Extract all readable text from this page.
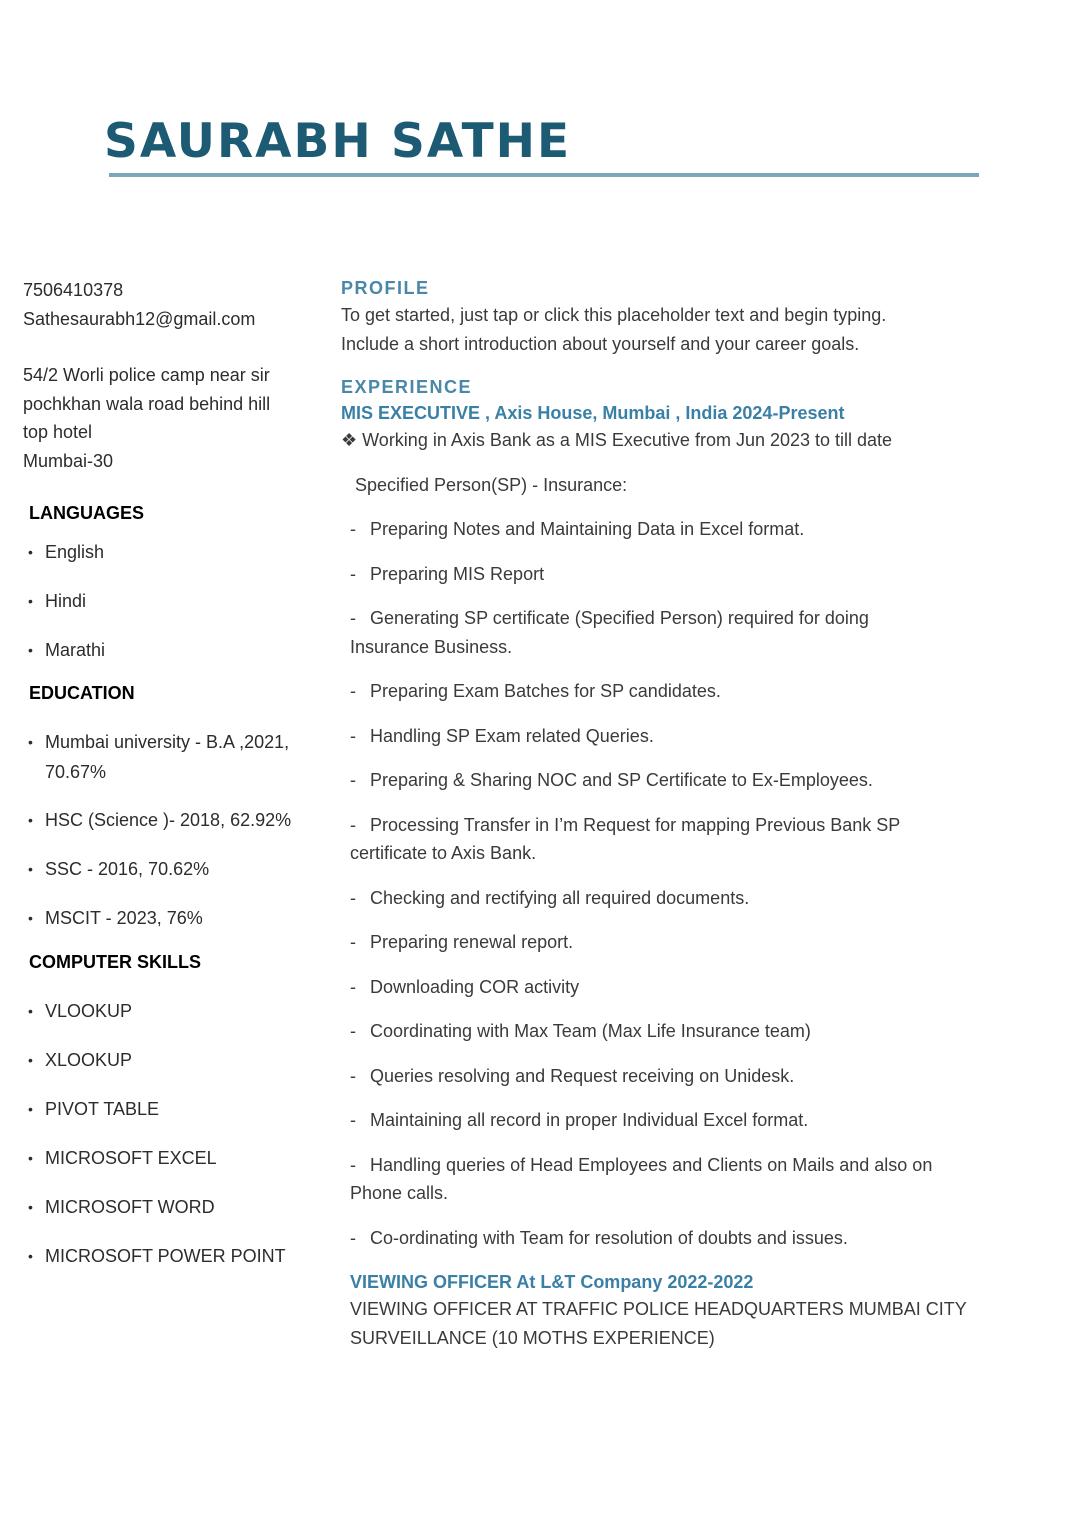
SAURABH SATHE
7506410378
Sathesaurabh12@gmail.com
54/2 Worli police camp near sir
pochkhan wala road behind hill
top hotel
Mumbai-30
LANGUAGES
• English
• Hindi
• Marathi
EDUCATION
• Mumbai university - B.A ,2021,
70.67%
• HSC (Science )- 2018, 62.92%
• SSC - 2016, 70.62%
• MSCIT - 2023, 76%
COMPUTER SKILLS
• VLOOKUP
• XLOOKUP
• PIVOT TABLE
• MICROSOFT EXCEL
• MICROSOFT WORD
• MICROSOFT POWER POINT
PROFILE
To get started, just tap or click this placeholder text and begin typing.
Include a short introduction about yourself and your career goals.
EXPERIENCE
MIS EXECUTIVE , Axis House, Mumbai , India 2024-Present
❖ Working in Axis Bank as a MIS Executive from Jun 2023 to till date
Specified Person(SP) - Insurance:
- Preparing Notes and Maintaining Data in Excel format.
- Preparing MIS Report
- Generating SP certificate (Specified Person) required for doing
Insurance Business.
- Preparing Exam Batches for SP candidates.
- Handling SP Exam related Queries.
- Preparing & Sharing NOC and SP Certificate to Ex-Employees.
- Processing Transfer in I’m Request for mapping Previous Bank SP
certificate to Axis Bank.
- Checking and rectifying all required documents.
- Preparing renewal report.
- Downloading COR activity
- Coordinating with Max Team (Max Life Insurance team)
- Queries resolving and Request receiving on Unidesk.
- Maintaining all record in proper Individual Excel format.
- Handling queries of Head Employees and Clients on Mails and also on
Phone calls.
- Co-ordinating with Team for resolution of doubts and issues.
VIEWING OFFICER At L&T Company 2022-2022
VIEWING OFFICER AT TRAFFIC POLICE HEADQUARTERS MUMBAI CITY
SURVEILLANCE (10 MOTHS EXPERIENCE)
